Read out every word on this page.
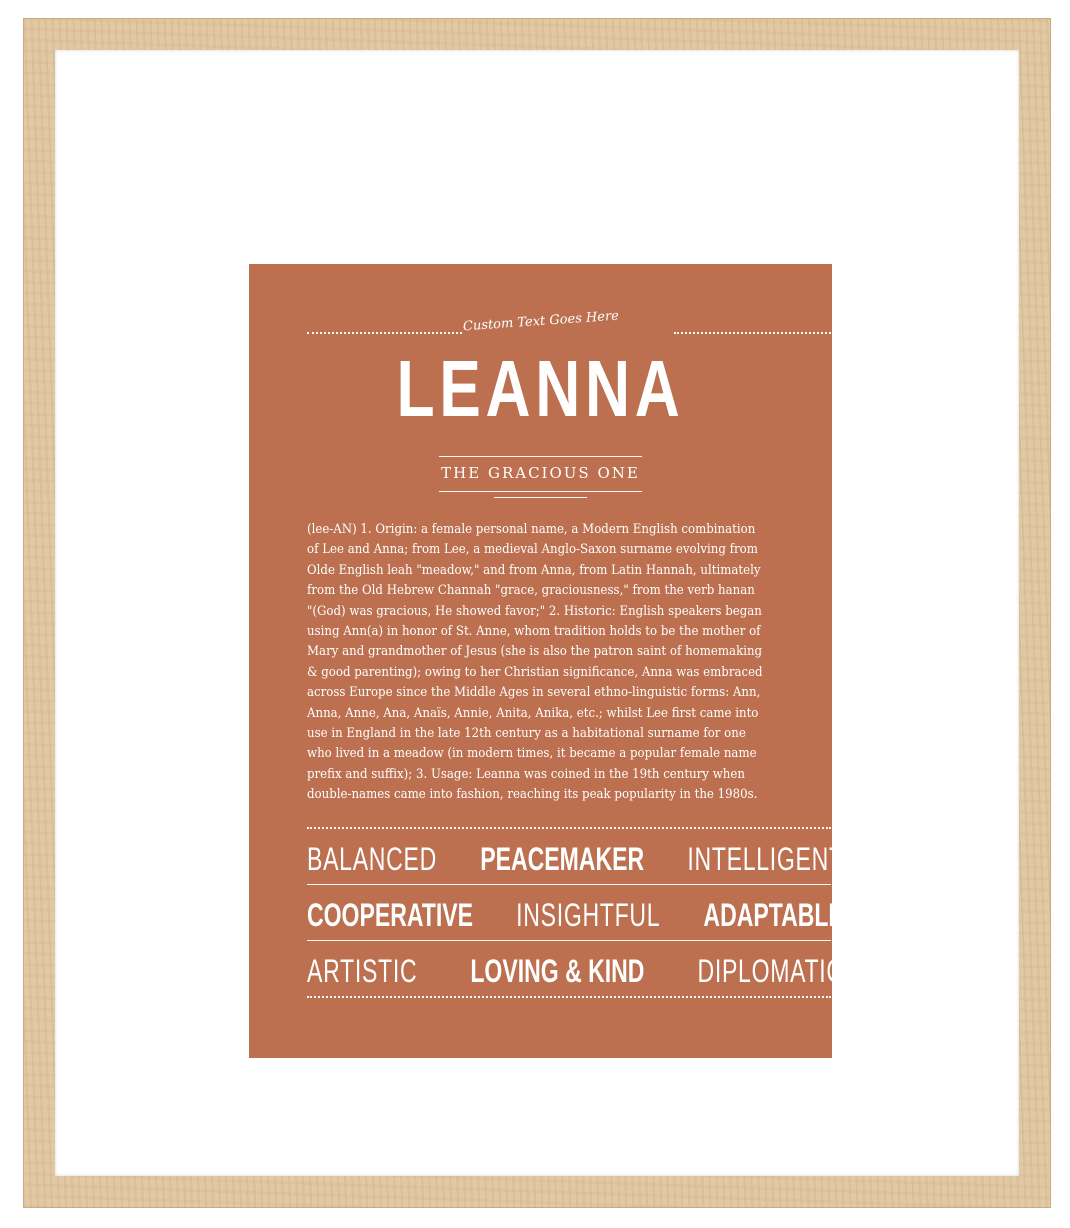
Custom Text Goes Here
LEANNA
THE GRACIOUS ONE
(lee-AN) 1. Origin: a female personal name, a Modern English combination
of Lee and Anna; from Lee, a medieval Anglo-Saxon surname evolving from
Olde English leah "meadow," and from Anna, from Latin Hannah, ultimately
from the Old Hebrew Channah "grace, graciousness," from the verb hanan
"(God) was gracious, He showed favor;" 2. Historic: English speakers began
using Ann(a) in honor of St. Anne, whom tradition holds to be the mother of
Mary and grandmother of Jesus (she is also the patron saint of homemaking
& good parenting); owing to her Christian significance, Anna was embraced
across Europe since the Middle Ages in several ethno-linguistic forms: Ann,
Anna, Anne, Ana, Anaïs, Annie, Anita, Anika, etc.; whilst Lee first came into
use in England in the late 12th century as a habitational surname for one
who lived in a meadow (in modern times, it became a popular female name
prefix and suffix); 3. Usage: Leanna was coined in the 19th century when
double-names came into fashion, reaching its peak popularity in the 1980s.
BALANCED PEACEMAKER INTELLIGENT
COOPERATIVE INSIGHTFUL ADAPTABLE
ARTISTIC LOVING & KIND DIPLOMATIC
